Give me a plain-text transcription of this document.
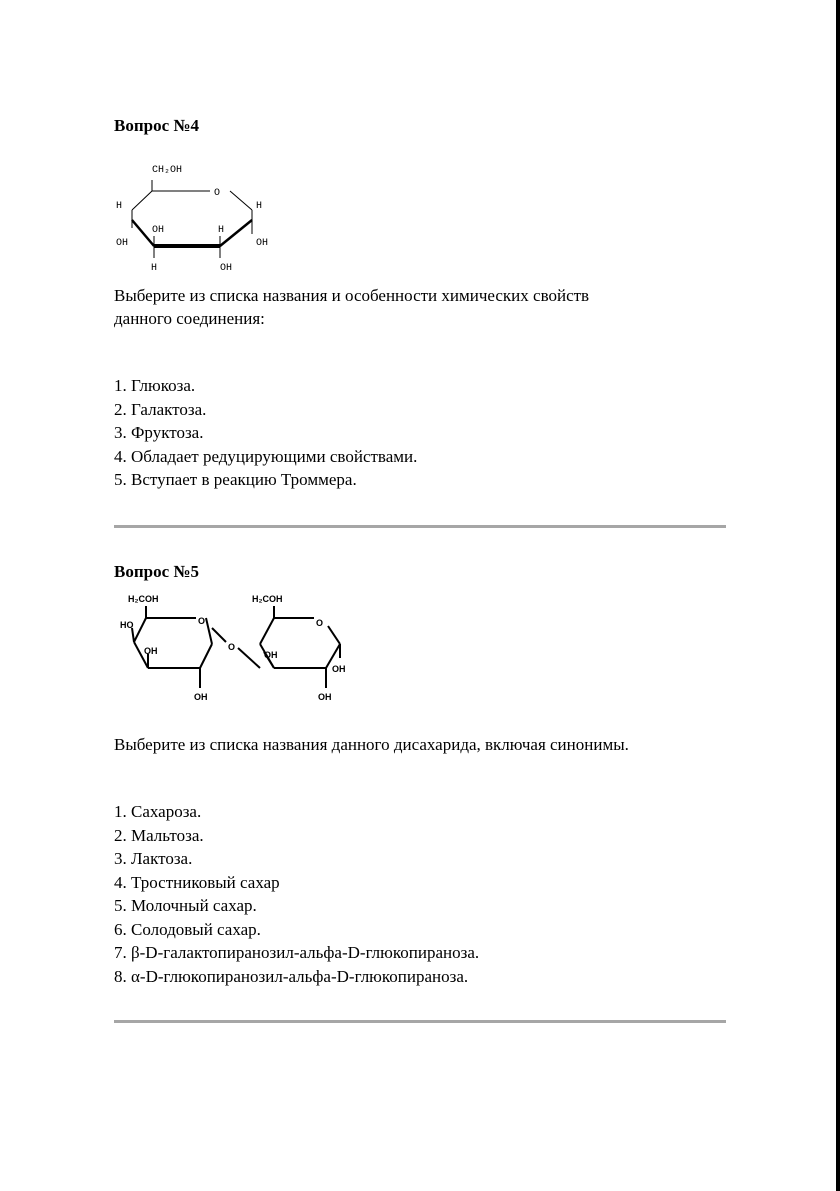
Вопрос №4

CH₂OH
O
H	H
OH
OH	H
OH
H	OH

Выберите из списка названия и особенности химических свойств

данного соединения:

1. Глюкоза.
2. Галактоза.
3. Фруктоза.
4. Обладает редуцирующими свойствами.
5. Вступает в реакцию Троммера.

Вопрос №5

H₂COH
HO	O
OH
OH
O
H₂COH
O
OH
OH
OH

Выберите из списка названия данного дисахарида, включая синонимы.

1. Сахароза.
2. Мальтоза.
3. Лактоза.
4. Тростниковый сахар
5. Молочный сахар.
6. Солодовый сахар.
7. β-D-галактопиранозил-альфа-D-глюкопираноза.
8. α-D-глюкопиранозил-альфа-D-глюкопираноза.
